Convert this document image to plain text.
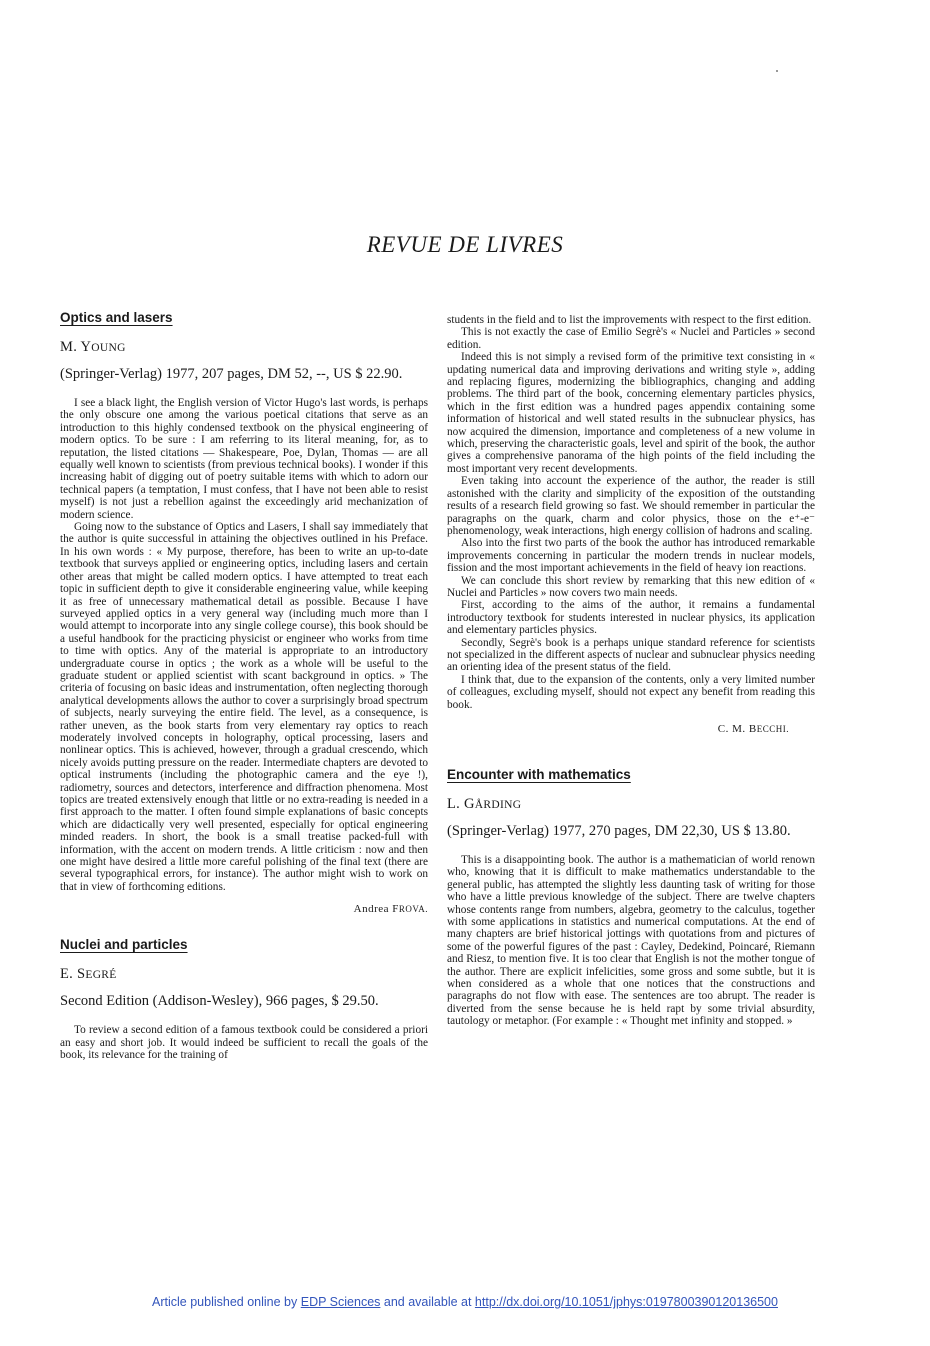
REVUE DE LIVRES
Optics and lasers
M. YOUNG
(Springer-Verlag) 1977, 207 pages, DM 52, --, US $ 22.90.

I see a black light, the English version of Victor Hugo's last words, is perhaps the only obscure one among the various poetical citations that serve as an introduction to this highly condensed textbook on the physical engineering of modern optics. To be sure : I am referring to its literal meaning, for, as to reputation, the listed citations — Shakespeare, Poe, Dylan, Thomas — are all equally well known to scientists (from previous technical books). I wonder if this increasing habit of digging out of poetry suitable items with which to adorn our technical papers (a temptation, I must confess, that I have not been able to resist myself) is not just a rebellion against the exceedingly arid mechanization of modern science.

Going now to the substance of Optics and Lasers, I shall say immediately that the author is quite successful in attaining the objectives outlined in his Preface. In his own words : « My purpose, therefore, has been to write an up-to-date textbook that surveys applied or engineering optics, including lasers and certain other areas that might be called modern optics. I have attempted to treat each topic in sufficient depth to give it considerable engineering value, while keeping it as free of unnecessary mathematical detail as possible. Because I have surveyed applied optics in a very general way (including much more than I would attempt to incorporate into any single college course), this book should be a useful handbook for the practicing physicist or engineer who works from time to time with optics. Any of the material is appropriate to an introductory undergraduate course in optics ; the work as a whole will be useful to the graduate student or applied scientist with scant background in optics. » The criteria of focusing on basic ideas and instrumentation, often neglecting thorough analytical developments allows the author to cover a surprisingly broad spectrum of subjects, nearly surveying the entire field. The level, as a consequence, is rather uneven, as the book starts from very elementary ray optics to reach moderately involved concepts in holography, optical processing, lasers and nonlinear optics. This is achieved, however, through a gradual crescendo, which nicely avoids putting pressure on the reader. Intermediate chapters are devoted to optical instruments (including the photographic camera and the eye !), radiometry, sources and detectors, interference and diffraction phenomena. Most topics are treated extensively enough that little or no extra-reading is needed in a first approach to the matter. I often found simple explanations of basic concepts which are didactically very well presented, especially for optical engineering minded readers. In short, the book is a small treatise packed-full with information, with the accent on modern trends. A little criticism : now and then one might have desired a little more careful polishing of the final text (there are several typographical errors, for instance). The author might wish to work on that in view of forthcoming editions.

Andrea FROVA.
Nuclei and particles
E. SEGRÉ
Second Edition (Addison-Wesley), 966 pages, $ 29.50.

To review a second edition of a famous textbook could be considered a priori an easy and short job. It would indeed be sufficient to recall the goals of the book, its relevance for the training of

students in the field and to list the improvements with respect to the first edition.

This is not exactly the case of Emilio Segrè's « Nuclei and Particles » second edition.

Indeed this is not simply a revised form of the primitive text consisting in « updating numerical data and improving derivations and writing style », adding and replacing figures, modernizing the bibliographics, changing and adding problems. The third part of the book, concerning elementary particles physics, which in the first edition was a hundred pages appendix containing some information of historical and well stated results in the subnuclear physics, has now acquired the dimension, importance and completeness of a new volume in which, preserving the characteristic goals, level and spirit of the book, the author gives a comprehensive panorama of the high points of the field including the most important very recent developments.

Even taking into account the experience of the author, the reader is still astonished with the clarity and simplicity of the exposition of the outstanding results of a research field growing so fast. We should remember in particular the paragraphs on the quark, charm and color physics, those on the e⁺-e⁻ phenomenology, weak interactions, high energy collision of hadrons and scaling.

Also into the first two parts of the book the author has introduced remarkable improvements concerning in particular the modern trends in nuclear models, fission and the most important achievements in the field of heavy ion reactions.

We can conclude this short review by remarking that this new edition of « Nuclei and Particles » now covers two main needs.

First, according to the aims of the author, it remains a fundamental introductory textbook for students interested in nuclear physics, its application and elementary particles physics.

Secondly, Segrè's book is a perhaps unique standard reference for scientists not specialized in the different aspects of nuclear and subnuclear physics needing an orienting idea of the present status of the field.

I think that, due to the expansion of the contents, only a very limited number of colleagues, excluding myself, should not expect any benefit from reading this book.

C. M. BECCHI.
Encounter with mathematics
L. GÅRDING
(Springer-Verlag) 1977, 270 pages, DM 22,30, US $ 13.80.

This is a disappointing book. The author is a mathematician of world renown who, knowing that it is difficult to make mathematics understandable to the general public, has attempted the slightly less daunting task of writing for those who have a little previous knowledge of the subject. There are twelve chapters whose contents range from numbers, algebra, geometry to the calculus, together with some applications in statistics and numerical computations. At the end of many chapters are brief historical jottings with quotations from and pictures of some of the powerful figures of the past : Cayley, Dedekind, Poincaré, Riemann and Riesz, to mention five. It is too clear that English is not the mother tongue of the author. There are explicit infelicities, some gross and some subtle, but it is when considered as a whole that one notices that the constructions and paragraphs do not flow with ease. The sentences are too abrupt. The reader is diverted from the sense because he is held rapt by some trivial absurdity, tautology or metaphor. (For example : « Thought met infinity and stopped. »

Article published online by EDP Sciences and available at http://dx.doi.org/10.1051/jphys:0197800390120136500
